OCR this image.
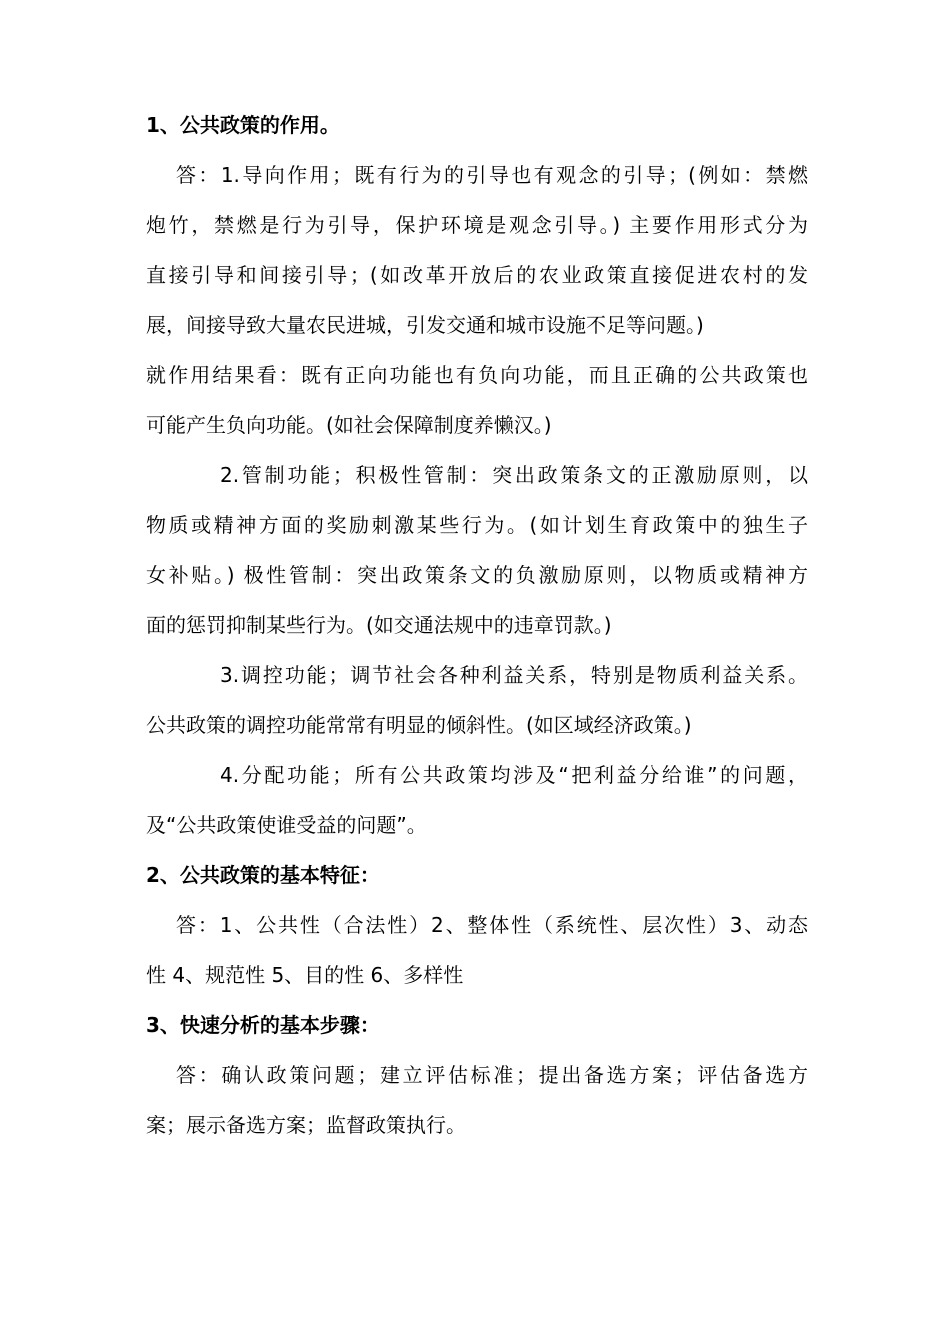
1、公共政策的作用。
答：1.导向作用；既有行为的引导也有观念的引导；(例如：禁燃
炮竹，禁燃是行为引导，保护环境是观念引导。) 主要作用形式分为
直接引导和间接引导；(如改革开放后的农业政策直接促进农村的发
展，间接导致大量农民进城，引发交通和城市设施不足等问题。)
就作用结果看：既有正向功能也有负向功能，而且正确的公共政策也
可能产生负向功能。(如社会保障制度养懒汉。)
2.管制功能；积极性管制：突出政策条文的正激励原则，以
物质或精神方面的奖励刺激某些行为。(如计划生育政策中的独生子
女补贴。) 极性管制：突出政策条文的负激励原则，以物质或精神方
面的惩罚抑制某些行为。(如交通法规中的违章罚款。)
3.调控功能；调节社会各种利益关系，特别是物质利益关系。
公共政策的调控功能常常有明显的倾斜性。(如区域经济政策。)
4.分配功能；所有公共政策均涉及“把利益分给谁”的问题，
及“公共政策使谁受益的问题”。
2、公共政策的基本特征：
答：1、公共性（合法性）2、整体性（系统性、层次性）3、动态
性 4、规范性 5、目的性 6、多样性
3、快速分析的基本步骤：
答：确认政策问题；建立评估标准；提出备选方案；评估备选方
案；展示备选方案；监督政策执行。
